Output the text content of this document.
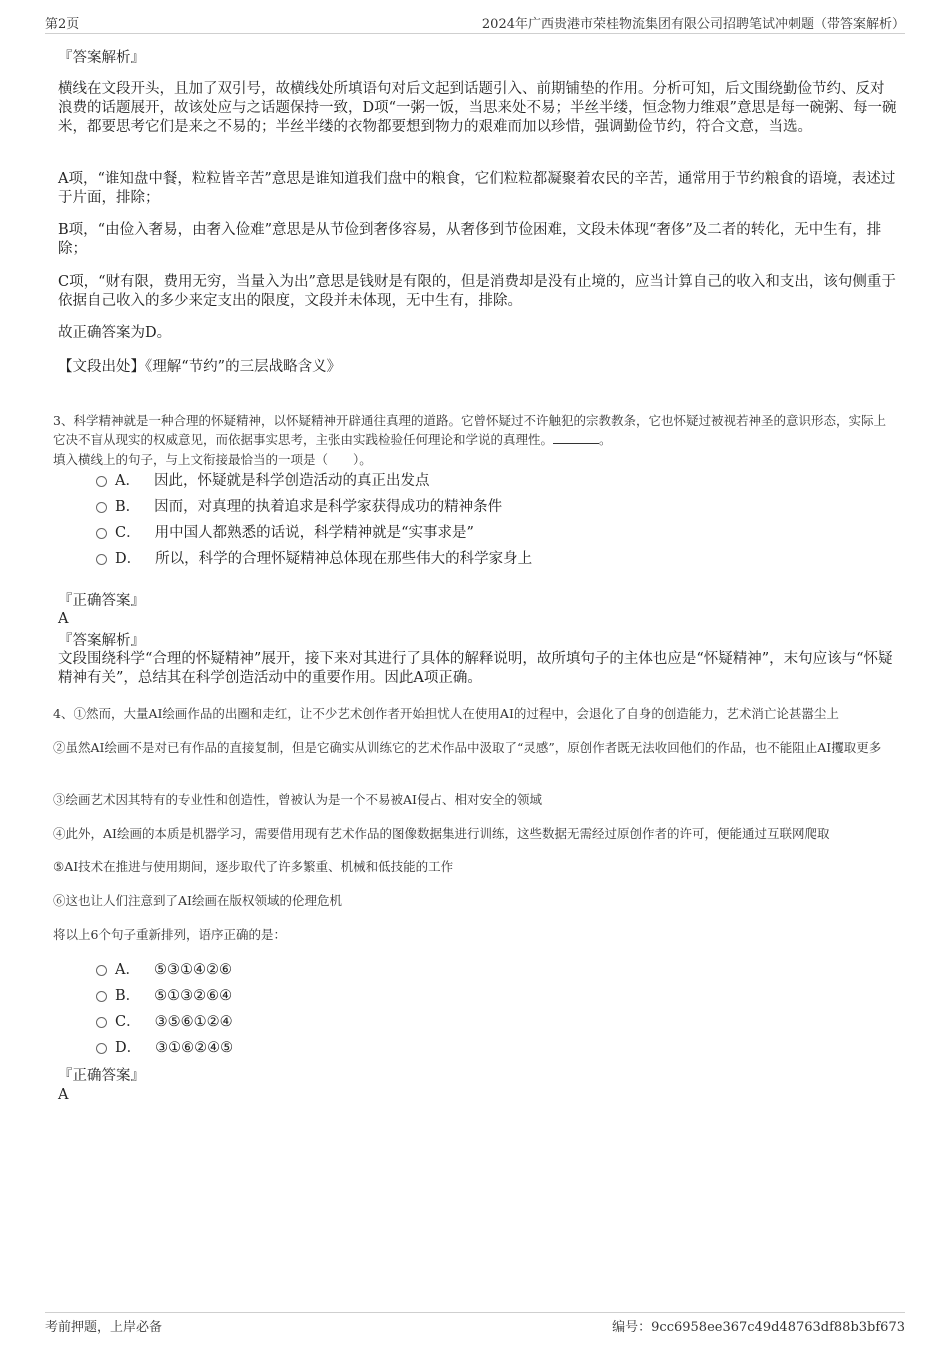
第2页	2024年广西贵港市荣桂物流集团有限公司招聘笔试冲刺题（带答案解析）

『答案解析』

横线在文段开头，且加了双引号，故横线处所填语句对后文起到话题引入、前期铺垫的作用。分析可知，后文围绕勤俭节约、反对浪费的话题展开，故该处应与之话题保持一致，D项“一粥一饭，当思来处不易；半丝半缕，恒念物力维艰”意思是每一碗粥、每一碗米，都要思考它们是来之不易的；半丝半缕的衣物都要想到物力的艰难而加以珍惜，强调勤俭节约，符合文意，当选。

A项，“谁知盘中餐，粒粒皆辛苦”意思是谁知道我们盘中的粮食，它们粒粒都凝聚着农民的辛苦，通常用于节约粮食的语境，表述过于片面，排除；

B项，“由俭入奢易，由奢入俭难”意思是从节俭到奢侈容易，从奢侈到节俭困难，文段未体现“奢侈”及二者的转化，无中生有，排除；

C项，“财有限，费用无穷，当量入为出”意思是钱财是有限的，但是消费却是没有止境的，应当计算自己的收入和支出，该句侧重于依据自己收入的多少来定支出的限度，文段并未体现，无中生有，排除。

故正确答案为D。

【文段出处】《理解“节约”的三层战略含义》

3、科学精神就是一种合理的怀疑精神，以怀疑精神开辟通往真理的道路。它曾怀疑过不许触犯的宗教教条，它也怀疑过被视若神圣的意识形态，实际上它决不盲从现实的权威意见，而依据事实思考，主张由实践检验任何理论和学说的真理性。	。

填入横线上的句子，与上文衔接最恰当的一项是（　　）。

A． 因此，怀疑就是科学创造活动的真正出发点
B． 因而，对真理的执着追求是科学家获得成功的精神条件
C． 用中国人都熟悉的话说，科学精神就是“实事求是”
D． 所以，科学的合理怀疑精神总体现在那些伟大的科学家身上

『正确答案』

A

『答案解析』

文段围绕科学“合理的怀疑精神”展开，接下来对其进行了具体的解释说明，故所填句子的主体也应是“怀疑精神”，末句应该与“怀疑精神有关”，总结其在科学创造活动中的重要作用。因此A项正确。

4、①然而，大量AI绘画作品的出圈和走红，让不少艺术创作者开始担忧人在使用AI的过程中，会退化了自身的创造能力，艺术消亡论甚嚣尘上

②虽然AI绘画不是对已有作品的直接复制，但是它确实从训练它的艺术作品中汲取了“灵感”，原创作者既无法收回他们的作品，也不能阻止AI攫取更多

③绘画艺术因其特有的专业性和创造性，曾被认为是一个不易被AI侵占、相对安全的领域

④此外，AI绘画的本质是机器学习，需要借用现有艺术作品的图像数据集进行训练，这些数据无需经过原创作者的许可，便能通过互联网爬取

⑤AI技术在推进与使用期间，逐步取代了许多繁重、机械和低技能的工作

⑥这也让人们注意到了AI绘画在版权领域的伦理危机

将以上6个句子重新排列，语序正确的是：

A． ⑤③①④②⑥
B． ⑤①③②⑥④
C． ③⑤⑥①②④
D． ③①⑥②④⑤

『正确答案』

A

考前押题，上岸必备	编号：9cc6958ee367c49d48763df88b3bf673
